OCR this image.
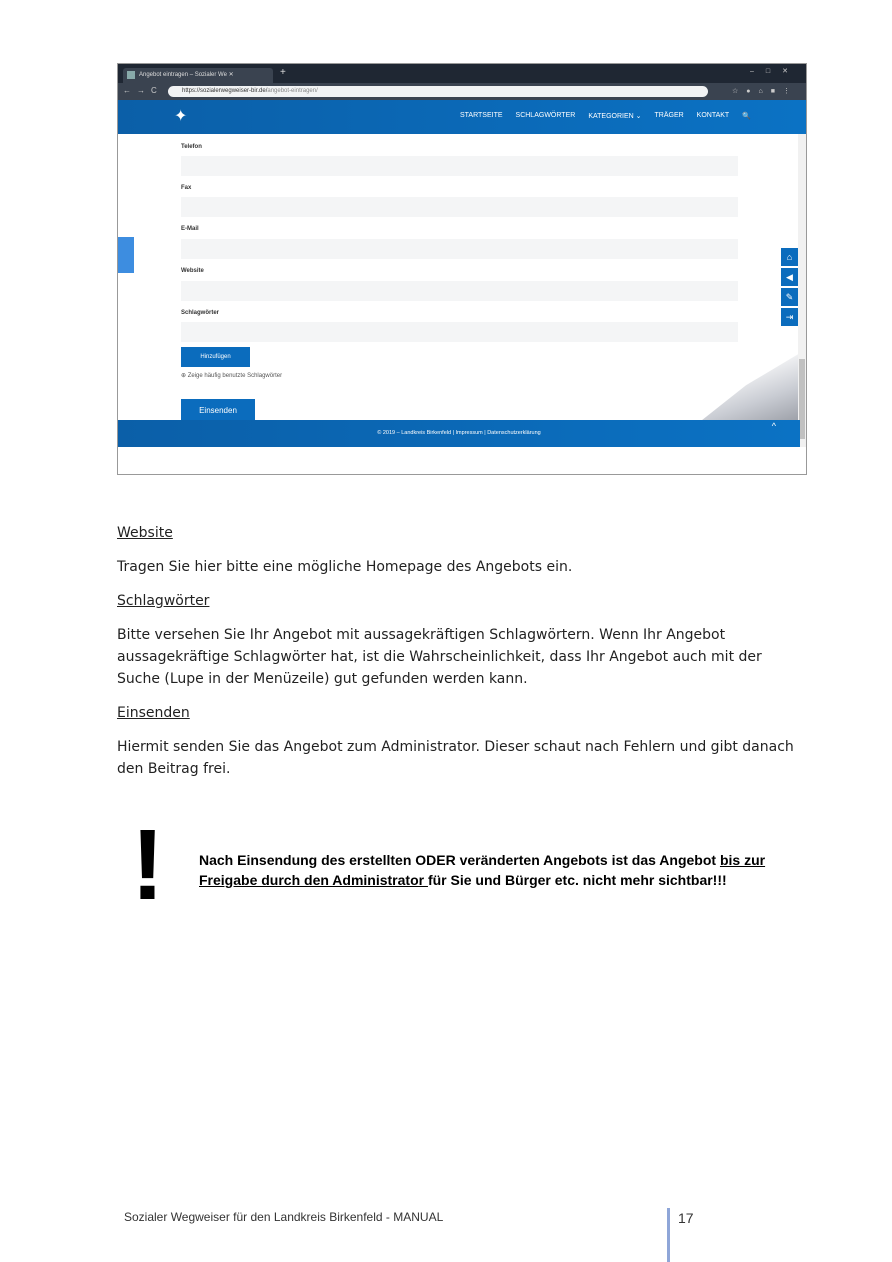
Angebot eintragen – Sozialer We ✕	+	–□✕
←→C	https://sozialerwegweiser-bir.de/angebot-eintragen/	☆●⌂■⋮
✦	STARTSEITE SCHLAGWÖRTER KATEGORIEN ⌄ TRÄGER KONTAKT 🔍
Telefon
Fax
E-Mail
Website
Schlagwörter
Hinzufügen
⊕ Zeige häufig benutzte Schlagwörter
Einsenden
⌂
◀
✎
⇥
© 2019 – Landkreis Birkenfeld | Impressum | Datenschutzerklärung
^
Website
Tragen Sie hier bitte eine mögliche Homepage des Angebots ein.
Schlagwörter
Bitte versehen Sie Ihr Angebot mit aussagekräftigen Schlagwörtern. Wenn Ihr Angebot aussagekräftige Schlagwörter hat, ist die Wahrscheinlichkeit, dass Ihr Angebot auch mit der Suche (Lupe in der Menüzeile) gut gefunden werden kann.
Einsenden
Hiermit senden Sie das Angebot zum Administrator. Dieser schaut nach Fehlern und gibt danach den Beitrag frei.
! Nach Einsendung des erstellten ODER veränderten Angebots ist das Angebot bis zur Freigabe durch den Administrator für Sie und Bürger etc. nicht mehr sichtbar!!!
Sozialer Wegweiser für den Landkreis Birkenfeld - MANUAL	17
